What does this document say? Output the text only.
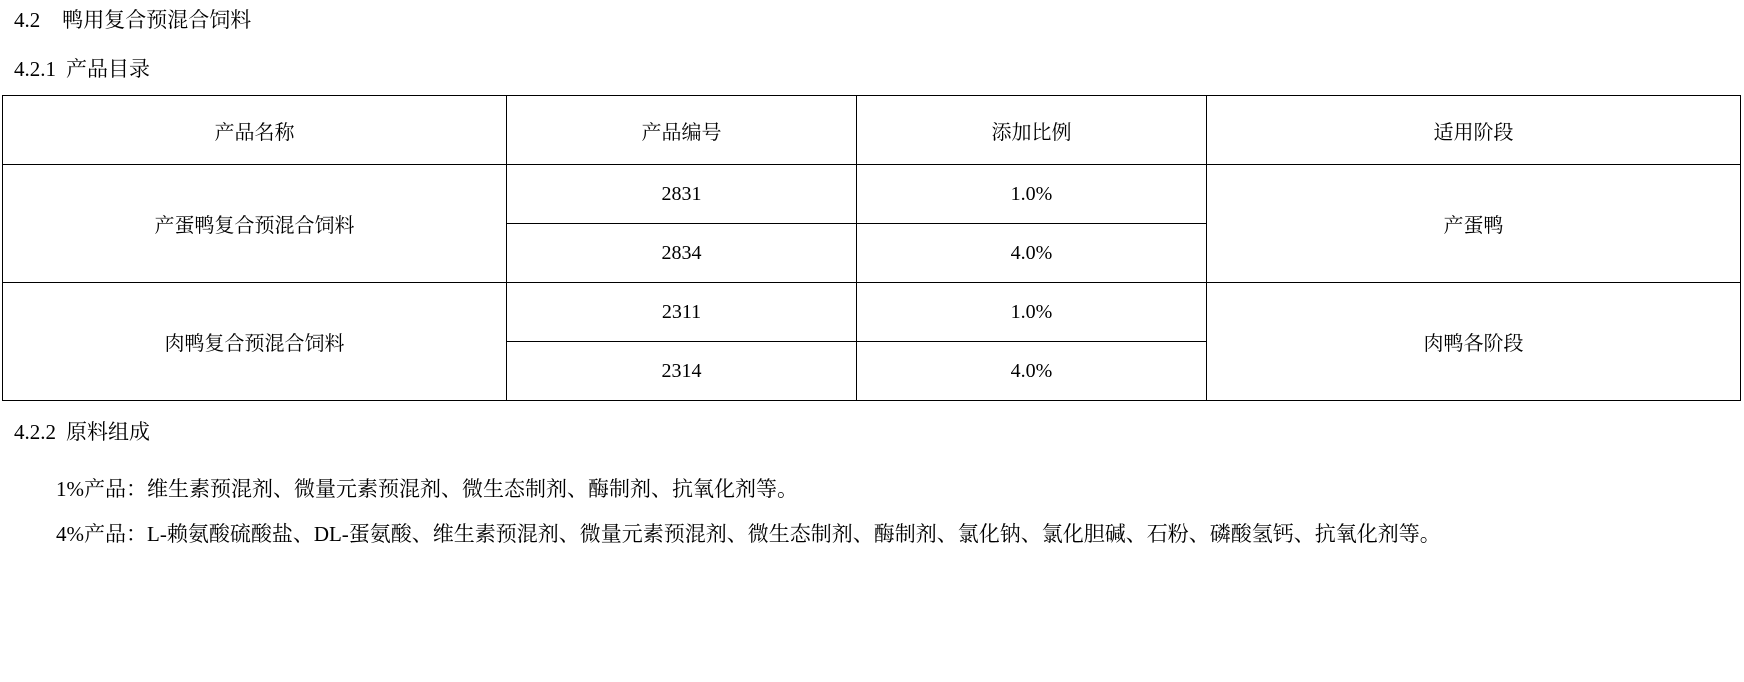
4.2 鸭用复合预混合饲料
4.2.1 产品目录
产品名称	产品编号	添加比例	适用阶段
产蛋鸭复合预混合饲料	2831	1.0%	产蛋鸭
	2834	4.0%	
肉鸭复合预混合饲料	2311	1.0%	肉鸭各阶段
	2314	4.0%	
4.2.2 原料组成

1%产品：维生素预混剂、微量元素预混剂、微生态制剂、酶制剂、抗氧化剂等。

4%产品：L-赖氨酸硫酸盐、DL-蛋氨酸、维生素预混剂、微量元素预混剂、微生态制剂、酶制剂、氯化钠、氯化胆碱、石粉、磷酸氢钙、抗氧化剂等。
